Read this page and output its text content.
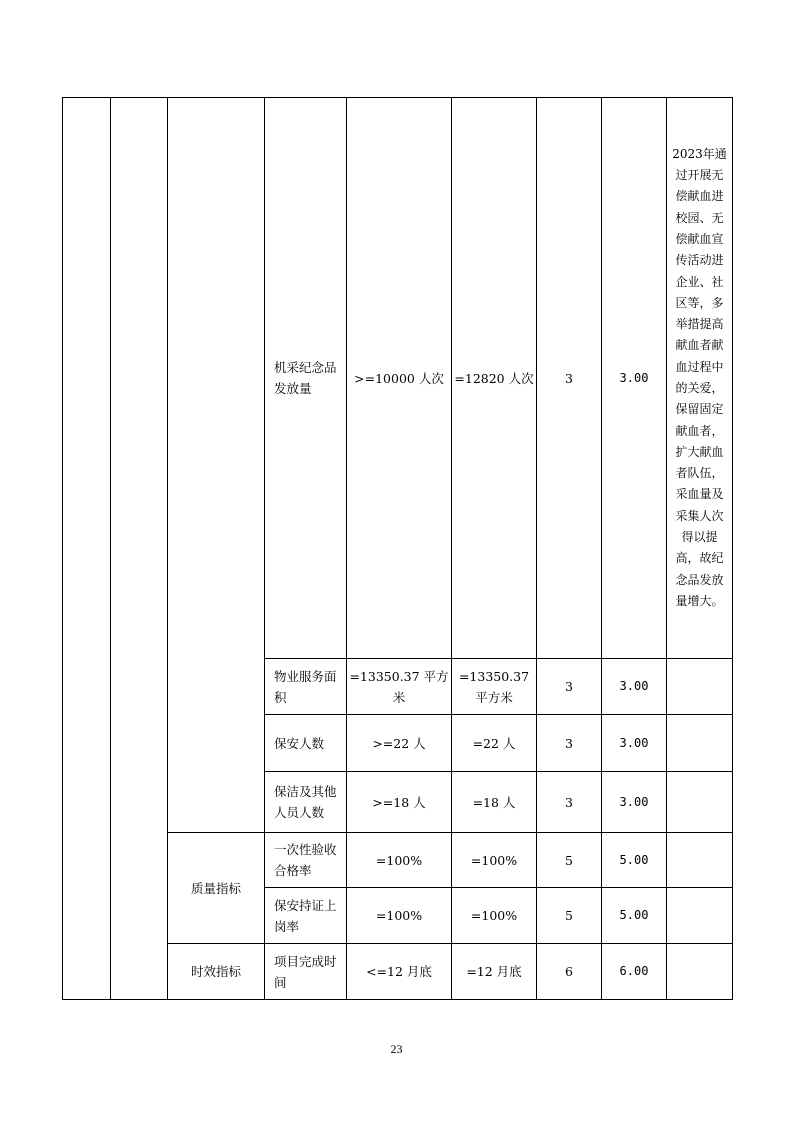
			机采纪念品发放量	>=10000 人次	=12820 人次	3	3.00	2023年通过开展无偿献血进校园、无偿献血宣传活动进企业、社区等，多举措提高献血者献血过程中的关爱，保留固定献血者，扩大献血者队伍，采血量及采集人次得以提高，故纪念品发放量增大。

			物业服务面积	=13350.37 平方米	=13350.37 平方米	3	3.00	
			保安人数	>=22 人	=22 人	3	3.00	
			保洁及其他人员人数	>=18 人	=18 人	3	3.00	
		质量指标	一次性验收合格率	=100%	=100%	5	5.00	
			保安持证上岗率	=100%	=100%	5	5.00	
		时效指标	项目完成时间	<=12 月底	=12 月底	6	6.00	
23
